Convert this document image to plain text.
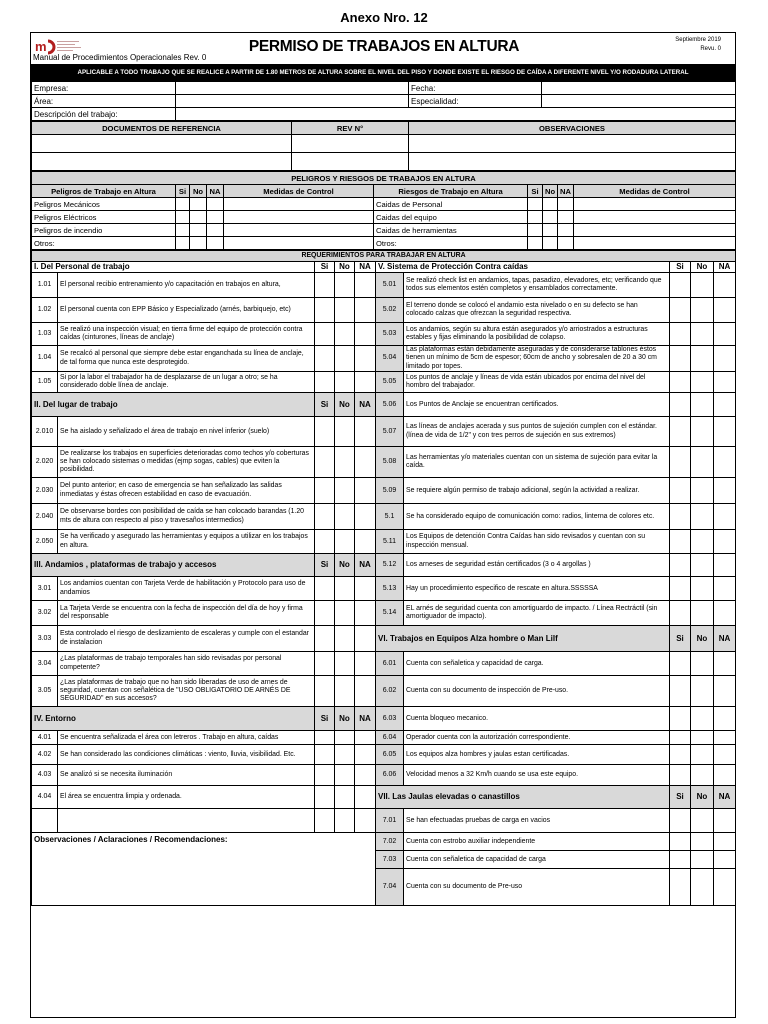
Anexo Nro. 12
m
Manual de Procedimientos Operacionales Rev. 0
PERMISO DE TRABAJOS EN ALTURA	Septiembre 2019
Revu. 0
APLICABLE A TODO TRABAJO QUE SE REALICE A PARTIR DE 1.80 METROS DE ALTURA SOBRE EL NIVEL DEL PISO Y DONDE EXISTE EL RIESGO DE CAÍDA A DIFERENTE NIVEL Y/O RODADURA LATERAL
Empresa:		Fecha:	
Área:		Especialidad:	
Descripción del trabajo:			
DOCUMENTOS DE REFERENCIA	REV N°	OBSERVACIONES

PELIGROS Y RIESGOS DE TRABAJOS EN ALTURA									
Peligros de Trabajo en Altura	Si	No	NA	Medidas de Control	Riesgos de Trabajo en Altura	Si	No	NA	Medidas de Control
Peligros Mecánicos					Caidas de Personal				
Peligros Eléctricos					Caidas del equipo				
Peligros de incendio					Caidas de herramientas				
Otros:					Otros:				
REQUERIMIENTOS PARA TRABAJAR EN ALTURA									
I. Del Personal de trabajo		Si	No	NA	V. Sistema de Protección Contra caídas		Si	No	NA
1.01	El personal recibio entrenamiento y/o capacitación en trabajos en altura,				5.01	Se realizó check list en andamios, tapas, pasadizo, elevadores, etc; verificando que todos sus elementos estén completos y ensamblados correctamente.			
1.02	El personal cuenta con EPP Básico y Especializado (arnés, barbiquejo, etc)				5.02	El terreno donde se colocó el andamio esta nivelado o en su defecto se han colocado calzas que ofrezcan la seguridad respectiva.			
1.03	Se realizó una inspección visual; en tierra firme del equipo de protección contra caídas (cinturones, líneas de anclaje)				5.03	Los andamios, según su altura están asegurados y/o arriostrados a estructuras estables y fijas eliminando la posibilidad de colapso.			
1.04	Se recalcó al personal que siempre debe estar enganchada su línea de anclaje, de tal forma que nunca este desprotegido.				5.04	Las plataformas están debidamente aseguradas y de considerarse tablones éstos tienen un mínimo de 5cm de espesor; 60cm de ancho y sobresalen de 20 a 30 cm limitado por topes.			
1.05	Si por la labor el trabajador ha de desplazarse de un lugar a otro; se ha considerado doble línea de anclaje.				5.05	Los puntos de anclaje y líneas de vida están ubicados por encima del nivel del hombro del trabajador.			
II. Del lugar de trabajo		Si	No	NA	5.06	Los Puntos de Anclaje se encuentran certificados.			
2.010	Se ha aislado y señalizado el área de trabajo en nivel inferior (suelo)				5.07	Las líneas de anclajes acerada y sus puntos de sujeción cumplen con el estándar. (línea de vida de 1/2" y con tres perros de sujeción en sus extremos)			
2.020	De realizarse los trabajos en superficies deterioradas como techos y/o coberturas se han colocado sistemas o medidas (ejmp sogas, cables) que eviten la posibilidad.				5.08	Las herramientas y/o materiales cuentan con un sistema de sujeción para evitar la caída.			
2.030	Del punto anterior; en caso de emergencia se han señalizado las salidas inmediatas y éstas ofrecen estabilidad en caso de evacuación.				5.09	Se requiere algún permiso de trabajo adicional, según la actividad a realizar.			
2.040	De observarse bordes con posibilidad de caída se han colocado barandas (1.20 mts de altura con respecto al piso y travesaños intermedios)				5.1	Se ha considerado equipo de comunicación como: radios, linterna de colores etc.			
2.050	Se ha verificado y asegurado las herramientas y equipos a utilizar en los trabajos en altura.				5.11	Los Equipos de detención Contra Caídas han sido revisados y cuentan con su inspección mensual.			
III. Andamios , plataformas de trabajo y accesos		Si	No	NA	5.12	Los arneses de seguridad están certificados (3 o 4 argollas )			
3.01	Los andamios cuentan con Tarjeta Verde de habilitación y Protocolo para uso de andamios				5.13	Hay un procedimiento especifico de rescate en altura.SSSSSA			
3.02	La Tarjeta Verde se encuentra con la fecha de inspección del día de hoy y firma del responsable				5.14	EL arnés de seguridad cuenta con amortiguardo de impacto. / Línea Rectráctil (sin amortiguador de impacto).			
3.03	Esta controlado el riesgo de deslizamiento de escaleras y cumple con el estandar de instalacion				VI. Trabajos en Equipos Alza hombre o Man Lilf		Si	No	NA
3.04	¿Las plataformas de trabajo temporales han sido revisadas por personal competente?				6.01	Cuenta con señaletica y capacidad de carga.			
3.05	¿Las plataformas de trabajo que no han sido liberadas de uso de arnes de seguridad, cuentan con señalética de "USO OBLIGATORIO DE ARNÉS DE SEGURIDAD" en sus accesos?				6.02	Cuenta con su documento de inspección de Pre-uso.			
IV. Entorno		Si	No	NA	6.03	Cuenta bloqueo mecanico.			
4.01	Se encuentra señalizada el área con letreros . Trabajo en altura, caídas				6.04	Operador cuenta con la autorización correspondiente.			
4.02	Se han considerado las condiciones climáticas : viento, lluvia, visibilidad. Etc.				6.05	Los equipos alza hombres y jaulas estan certificadas.			
4.03	Se analizó si se necesita iluminación				6.06	Velocidad menos a 32 Km/h cuando se usa este equipo.			
4.04	El área se encuentra limpia y ordenada.				VII. Las Jaulas elevadas o canastillos		Si	No	NA
					7.01	Se han efectuadas pruebas de carga en vacios			
Observaciones / Aclaraciones / Recomendaciones:					7.02	Cuenta con estrobo auxiliar independiente			
					7.03	Cuenta con señaletica de capacidad de carga			
					7.04	Cuenta con su documento de Pre-uso			
